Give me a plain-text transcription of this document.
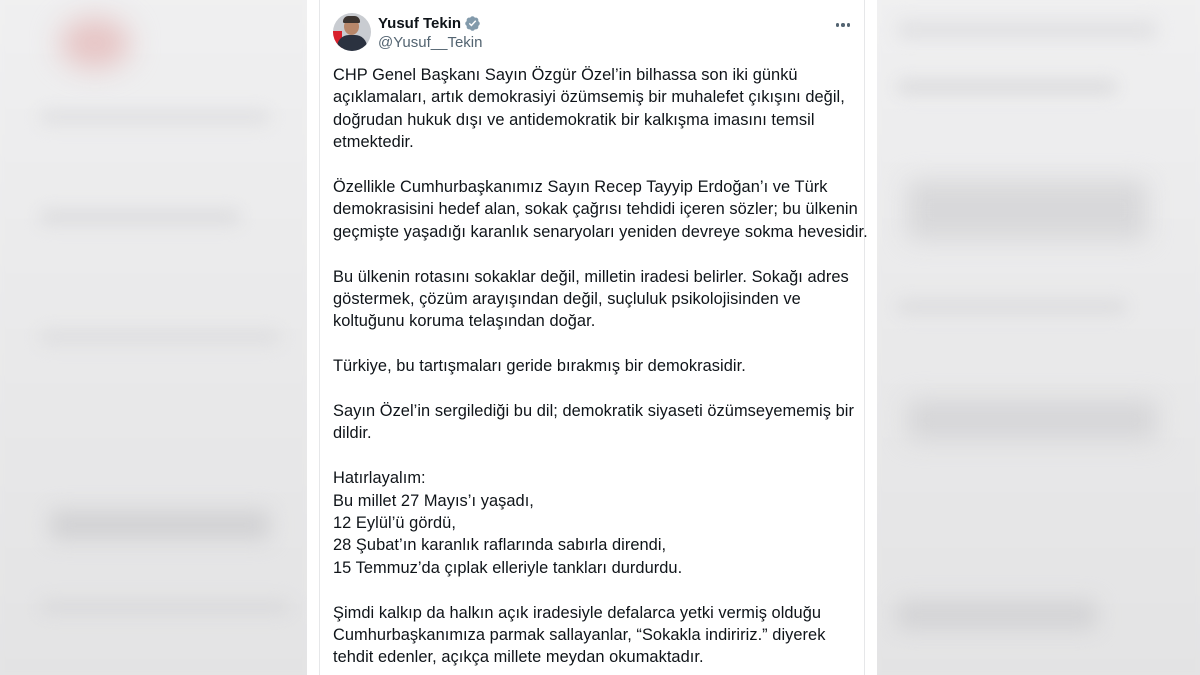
Yusuf Tekin
@Yusuf__Tekin
CHP Genel Başkanı Sayın Özgür Özel’in bilhassa son iki günkü
açıklamaları, artık demokrasiyi özümsemiş bir muhalefet çıkışını değil,
doğrudan hukuk dışı ve antidemokratik bir kalkışma imasını temsil
etmektedir.
Özellikle Cumhurbaşkanımız Sayın Recep Tayyip Erdoğan’ı ve Türk
demokrasisini hedef alan, sokak çağrısı tehdidi içeren sözler; bu ülkenin
geçmişte yaşadığı karanlık senaryoları yeniden devreye sokma hevesidir.
Bu ülkenin rotasını sokaklar değil, milletin iradesi belirler. Sokağı adres
göstermek, çözüm arayışından değil, suçluluk psikolojisinden ve
koltuğunu koruma telaşından doğar.
Türkiye, bu tartışmaları geride bırakmış bir demokrasidir.
Sayın Özel’in sergilediği bu dil; demokratik siyaseti özümseyememiş bir
dildir.
Hatırlayalım:
Bu millet 27 Mayıs’ı yaşadı,
12 Eylül’ü gördü,
28 Şubat’ın karanlık raflarında sabırla direndi,
15 Temmuz’da çıplak elleriyle tankları durdurdu.
Şimdi kalkıp da halkın açık iradesiyle defalarca yetki vermiş olduğu
Cumhurbaşkanımıza parmak sallayanlar, “Sokakla indiririz.” diyerek
tehdit edenler, açıkça millete meydan okumaktadır.
